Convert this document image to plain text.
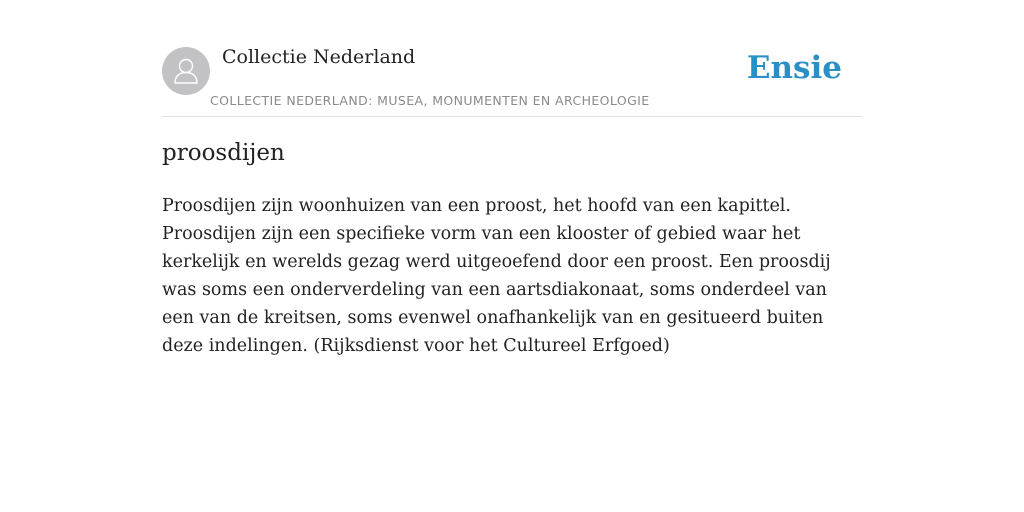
Collectie Nederland
COLLECTIE NEDERLAND: MUSEA, MONUMENTEN EN ARCHEOLOGIE
Ensie
proosdijen

Proosdijen zijn woonhuizen van een proost, het hoofd van een kapittel. Proosdijen zijn een specifieke vorm van een klooster of gebied waar het kerkelijk en werelds gezag werd uitgeoefend door een proost. Een proosdij was soms een onderverdeling van een aartsdiakonaat, soms onderdeel van een van de kreitsen, soms evenwel onafhankelijk van en gesitueerd buiten deze indelingen. (Rijksdienst voor het Cultureel Erfgoed)
